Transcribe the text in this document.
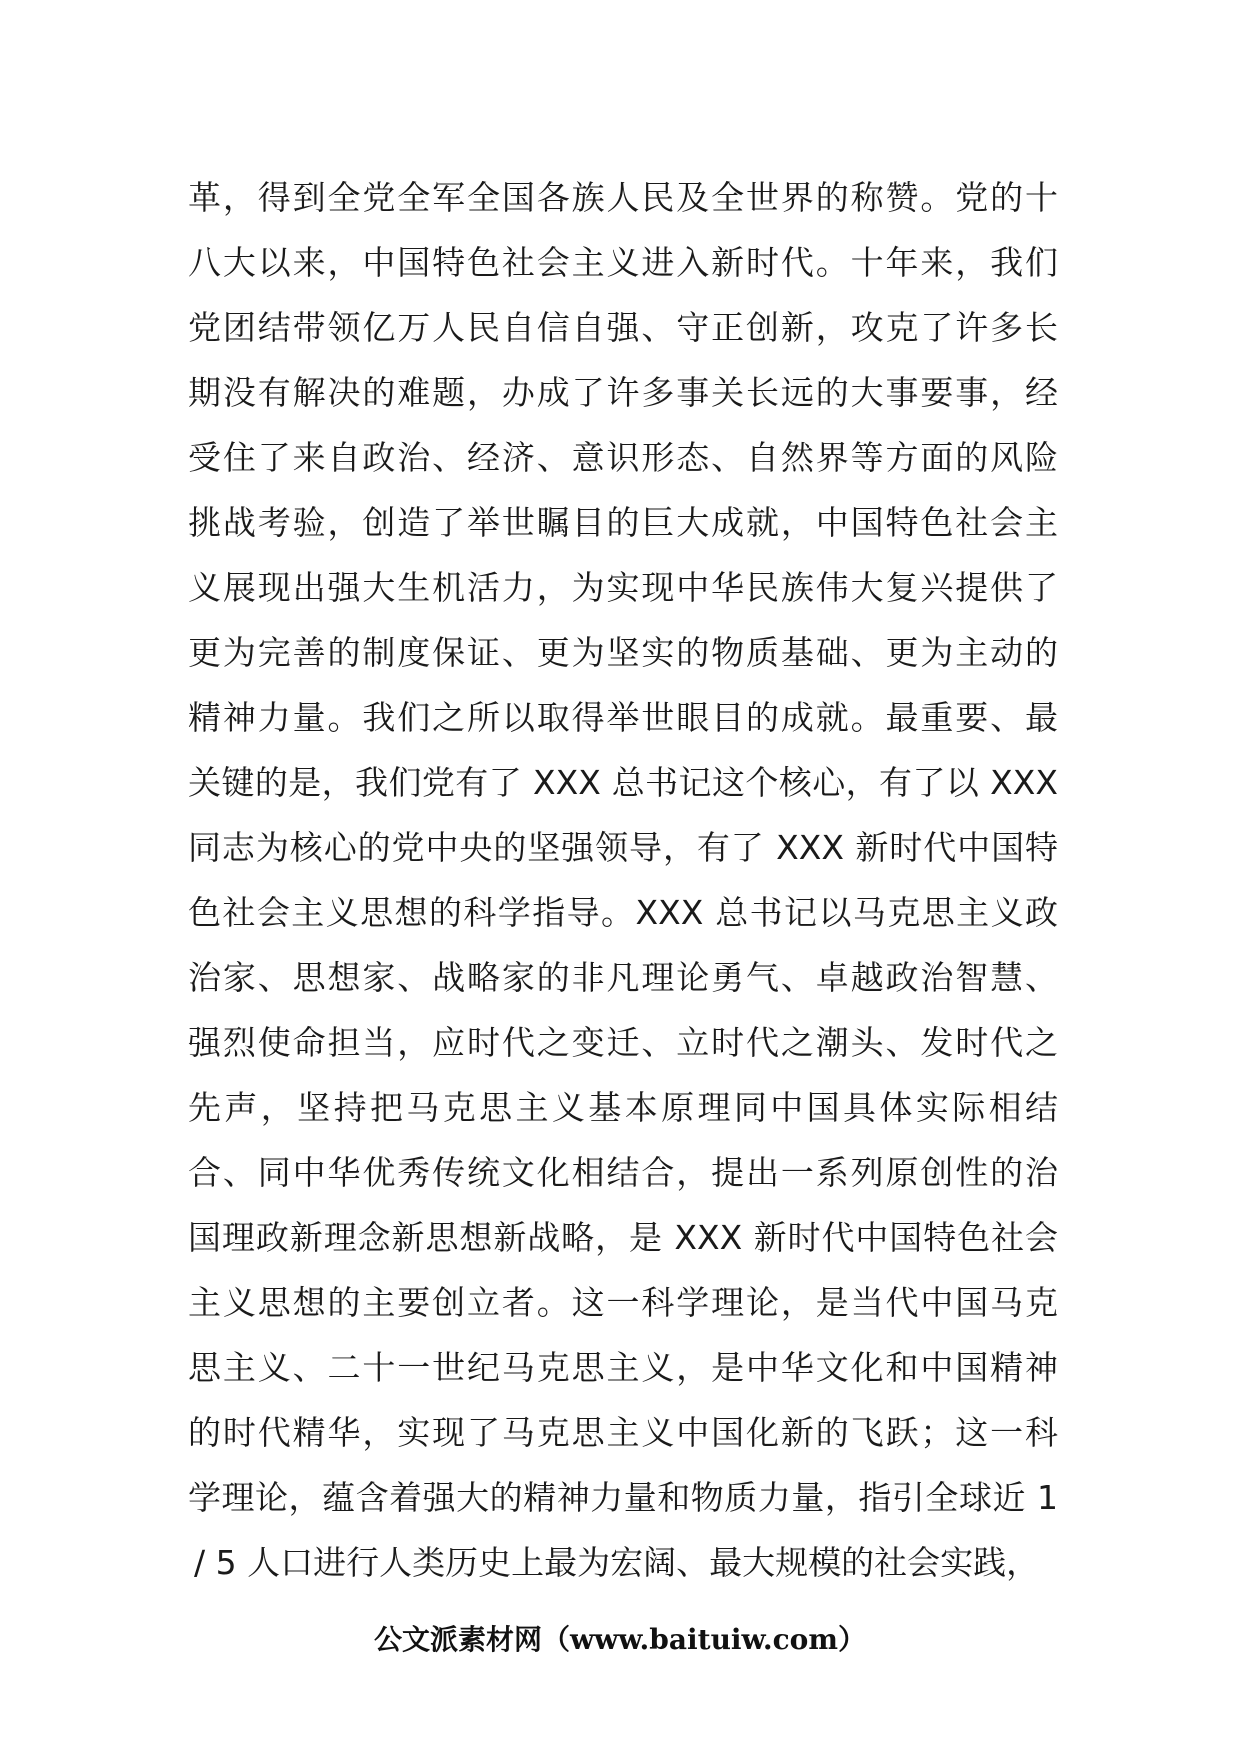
革，得到全党全军全国各族人民及全世界的称赞。党的十
八大以来，中国特色社会主义进入新时代。十年来，我们
党团结带领亿万人民自信自强、守正创新，攻克了许多长
期没有解决的难题，办成了许多事关长远的大事要事，经
受住了来自政治、经济、意识形态、自然界等方面的风险
挑战考验，创造了举世瞩目的巨大成就，中国特色社会主
义展现出强大生机活力，为实现中华民族伟大复兴提供了
更为完善的制度保证、更为坚实的物质基础、更为主动的
精神力量。我们之所以取得举世眼目的成就。最重要、最
关键的是，我们党有了 XXX 总书记这个核心，有了以 XXX
同志为核心的党中央的坚强领导，有了 XXX 新时代中国特
色社会主义思想的科学指导。XXX 总书记以马克思主义政
治家、思想家、战略家的非凡理论勇气、卓越政治智慧、
强烈使命担当，应时代之变迁、立时代之潮头、发时代之
先声，坚持把马克思主义基本原理同中国具体实际相结
合、同中华优秀传统文化相结合，提出一系列原创性的治
国理政新理念新思想新战略，是 XXX 新时代中国特色社会
主义思想的主要创立者。这一科学理论，是当代中国马克
思主义、二十一世纪马克思主义，是中华文化和中国精神
的时代精华，实现了马克思主义中国化新的飞跃；这一科
学理论，蕴含着强大的精神力量和物质力量，指引全球近 1
/ 5 人口进行人类历史上最为宏阔、最大规模的社会实践，
公文派素材网（www.baituiw.com）
